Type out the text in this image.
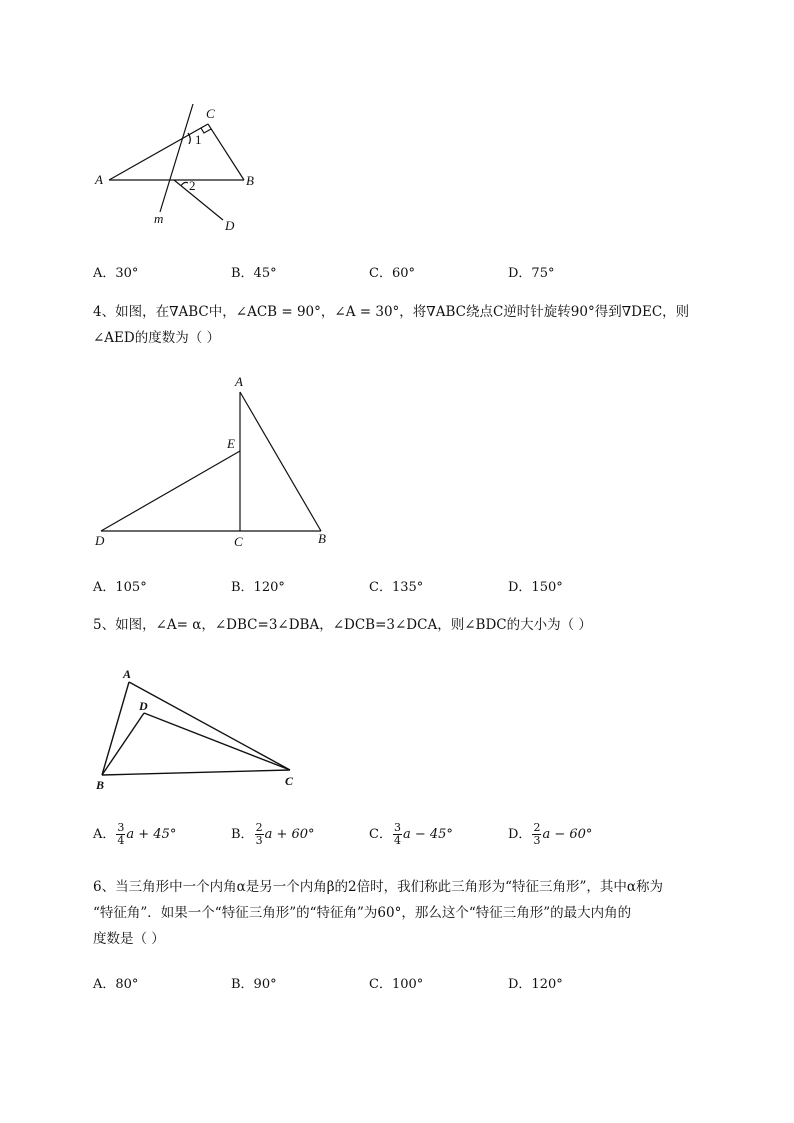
C
A	B
D
m
1
2
A．30°	B．45°	C．60°	D．75°
4、如图，在∇ABC中，∠ACB = 90°，∠A = 30°，将∇ABC绕点C逆时针旋转90°得到∇DEC，则
∠AED的度数为（ ）
A
E
D	C	B
A．105°	B．120°	C．135°	D．150°
5、如图，∠A= α，∠DBC=3∠DBA，∠DCB=3∠DCA，则∠BDC的大小为（ ）
A
D
B	C
A． $\frac{3}{4}$ a + 45°	B． $\frac{2}{3}$ a + 60°	C． $\frac{3}{4}$ a − 45°	D． $\frac{2}{3}$ a − 60°
6、当三角形中一个内角α是另一个内角β的2倍时，我们称此三角形为“特征三角形”，其中α称为
“特征角”．如果一个“特征三角形”的“特征角”为60°，那么这个“特征三角形”的最大内角的
度数是（ ）
A．80°	B．90°	C．100°	D．120°
